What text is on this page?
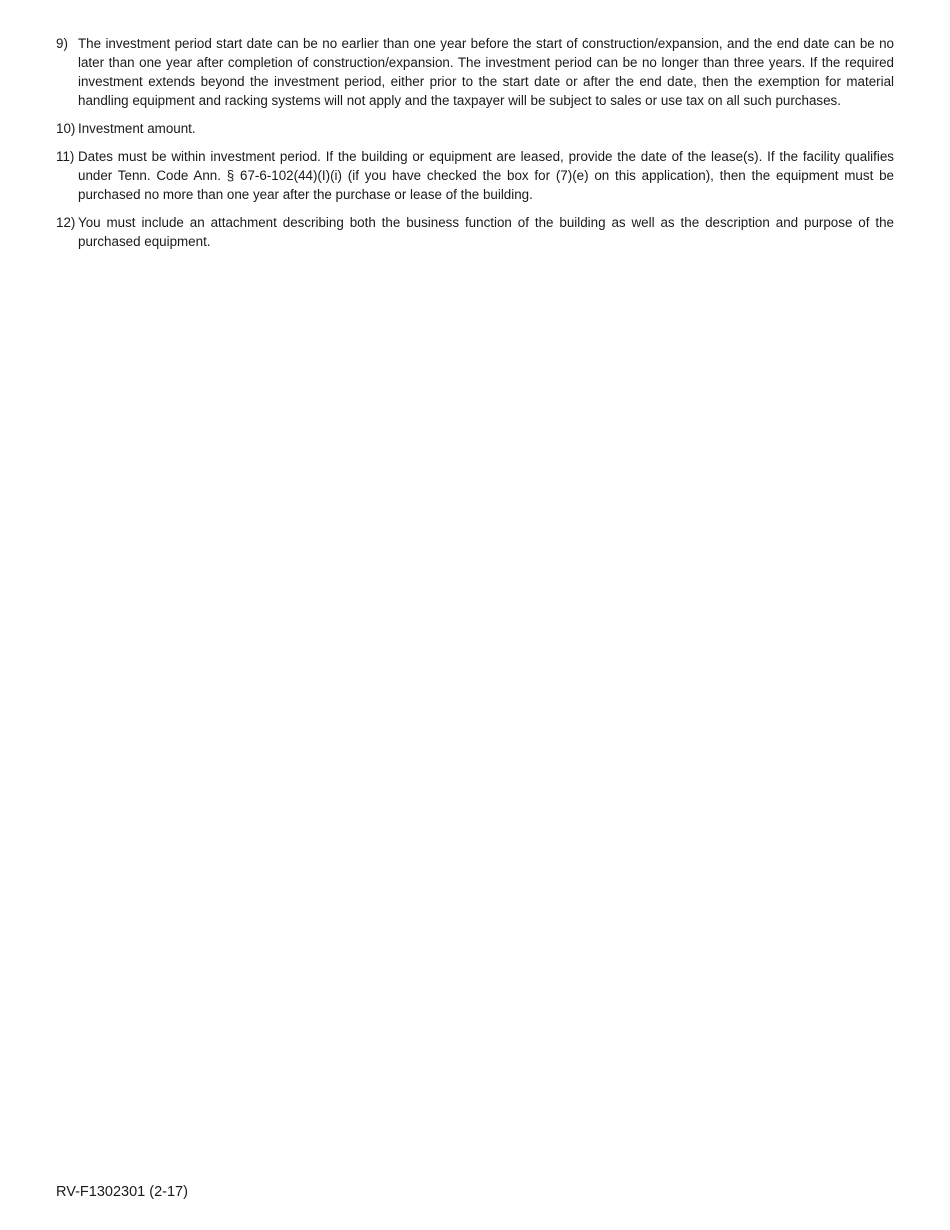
9) The investment period start date can be no earlier than one year before the start of construction/expansion, and the end date can be no later than one year after completion of construction/expansion. The investment period can be no longer than three years. If the required investment extends beyond the investment period, either prior to the start date or after the end date, then the exemption for material handling equipment and racking systems will not apply and the taxpayer will be subject to sales or use tax on all such purchases.
10) Investment amount.
11) Dates must be within investment period. If the building or equipment are leased, provide the date of the lease(s). If the facility qualifies under Tenn. Code Ann. § 67-6-102(44)(I)(i) (if you have checked the box for (7)(e) on this application), then the equipment must be purchased no more than one year after the purchase or lease of the building.
12) You must include an attachment describing both the business function of the building as well as the description and purpose of the purchased equipment.
RV-F1302301 (2-17)
